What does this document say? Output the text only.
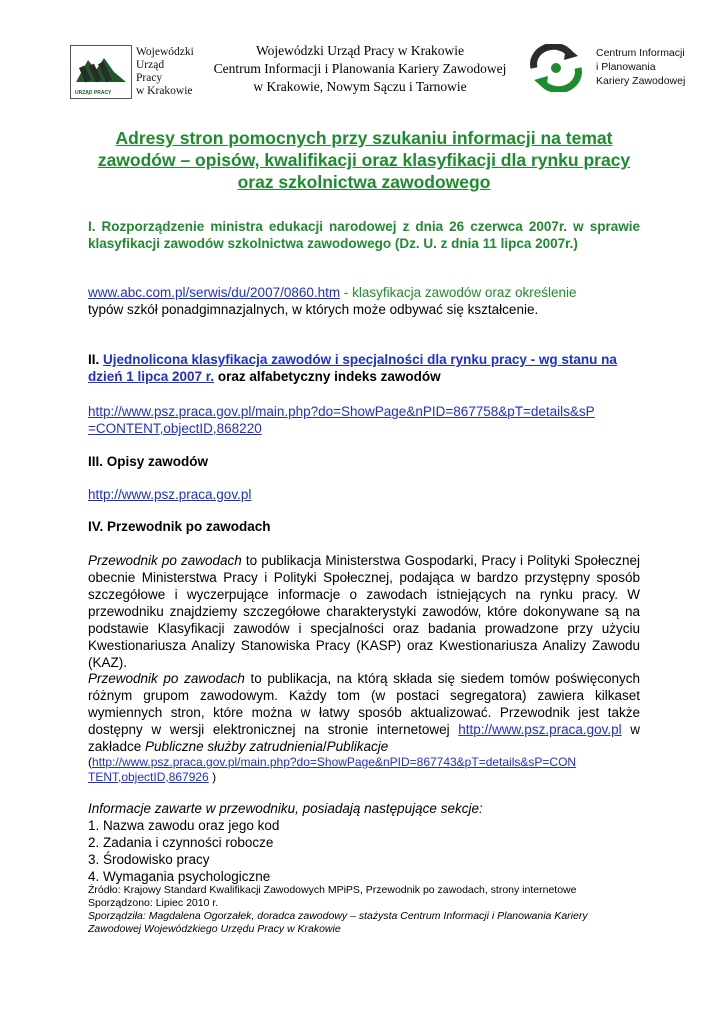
URZĄD PRACY
Wojewódzki
Urząd
Pracy
w Krakowie
Wojewódzki Urząd Pracy w Krakowie
Centrum Informacji i Planowania Kariery Zawodowej
w Krakowie, Nowym Sączu i Tarnowie
Centrum Informacji
i Planowania
Kariery Zawodowej
Adresy stron pomocnych przy szukaniu informacji na temat zawodów – opisów, kwalifikacji oraz klasyfikacji dla rynku pracy oraz szkolnictwa zawodowego
I. Rozporządzenie ministra edukacji narodowej z dnia 26 czerwca 2007r. w sprawie klasyfikacji zawodów szkolnictwa zawodowego (Dz. U. z dnia 11 lipca 2007r.)
www.abc.com.pl/serwis/du/2007/0860.htm - klasyfikacja zawodów oraz określenie
typów szkół ponadgimnazjalnych, w których może odbywać się kształcenie.
II. Ujednolicona klasyfikacja zawodów i specjalności dla rynku pracy - wg stanu na dzień 1 lipca 2007 r. oraz alfabetyczny indeks zawodów
http://www.psz.praca.gov.pl/main.php?do=ShowPage&nPID=867758&pT=details&sP
=CONTENT,objectID,868220
III. Opisy zawodów
http://www.psz.praca.gov.pl
IV. Przewodnik po zawodach
Przewodnik po zawodach to publikacja Ministerstwa Gospodarki, Pracy i Polityki Społecznej obecnie Ministerstwa Pracy i Polityki Społecznej, podająca w bardzo przystępny sposób szczegółowe i wyczerpujące informacje o zawodach istniejących na rynku pracy. W przewodniku znajdziemy szczegółowe charakterystyki zawodów, które dokonywane są na podstawie Klasyfikacji zawodów i specjalności oraz badania prowadzone przy użyciu Kwestionariusza Analizy Stanowiska Pracy (KASP) oraz Kwestionariusza Analizy Zawodu (KAZ).
Przewodnik po zawodach to publikacja, na którą składa się siedem tomów poświęconych różnym grupom zawodowym. Każdy tom (w postaci segregatora) zawiera kilkaset wymiennych stron, które można w łatwy sposób aktualizować. Przewodnik jest także dostępny w wersji elektronicznej na stronie internetowej http://www.psz.praca.gov.pl w zakładce Publiczne służby zatrudnienia/Publikacje
(http://www.psz.praca.gov.pl/main.php?do=ShowPage&nPID=867743&pT=details&sP=CON
TENT,objectID,867926 )
Informacje zawarte w przewodniku, posiadają następujące sekcje:
1. Nazwa zawodu oraz jego kod
2. Zadania i czynności robocze
3. Środowisko pracy
4. Wymagania psychologiczne
Źródło: Krajowy Standard Kwalifikacji Zawodowych MPiPS, Przewodnik po zawodach, strony internetowe
Sporządzono: Lipiec 2010 r.
Sporządziła: Magdalena Ogorzałek, doradca zawodowy – stażysta Centrum Informacji i Planowania Kariery Zawodowej Wojewódzkiego Urzędu Pracy w Krakowie
